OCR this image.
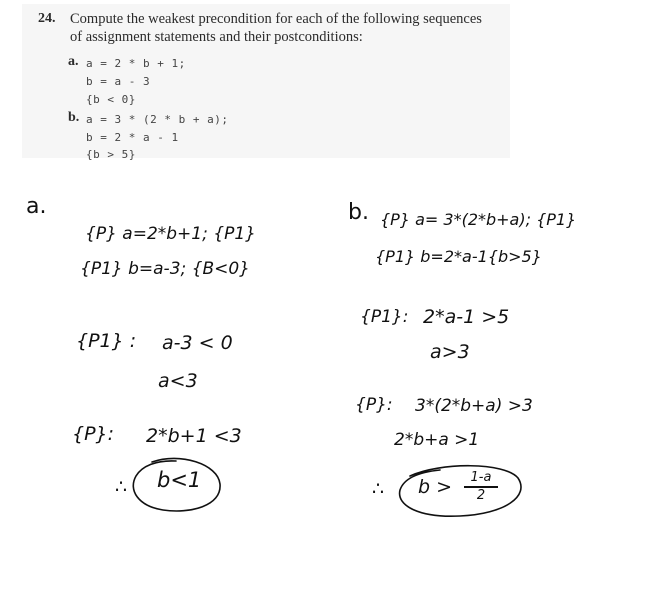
24. Compute the weakest precondition for each of the following sequences
of assignment statements and their postconditions:
a. a = 2 * b + 1;
b = a - 3
{b < 0}
b. a = 3 * (2 * b + a);
b = 2 * a - 1
{b > 5}
a.
{P} a=2*b+1; {P1}
{P1} b=a-3; {B<0}
{P1} : a-3 < 0
a<3
{P}: 2*b+1 <3
∴ b<1
b. {P} a= 3*(2*b+a); {P1}
{P1} b=2*a-1{b>5}
{P1}: 2*a-1 >5
a>3
{P}: 3*(2*b+a) >3
2*b+a >1
∴ b > 1-a
2
